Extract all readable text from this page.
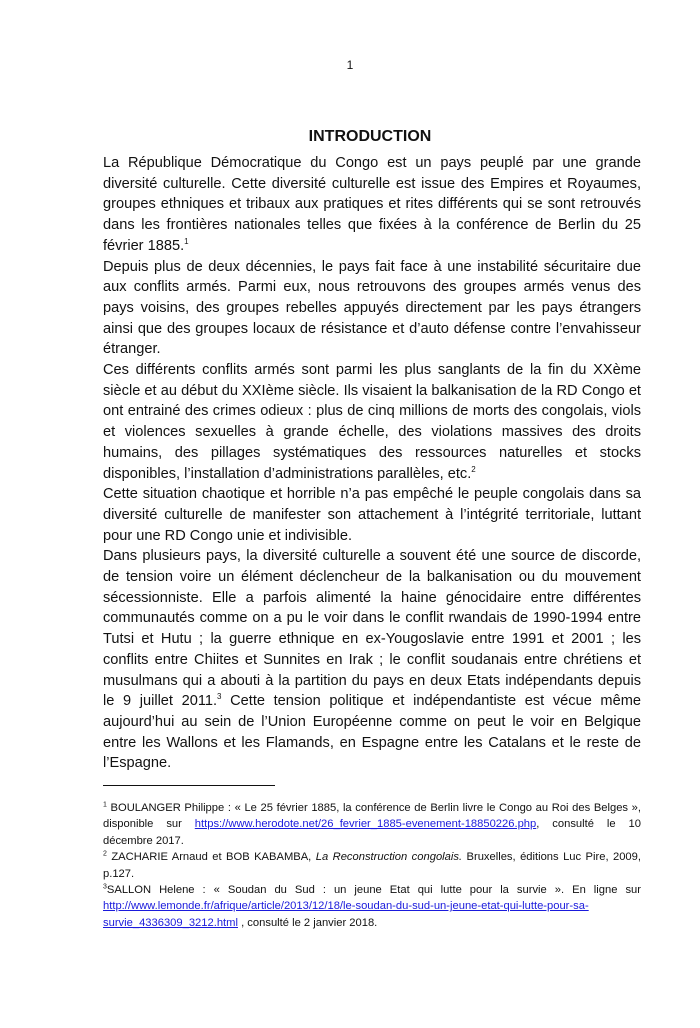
1
INTRODUCTION

La République Démocratique du Congo est un pays peuplé par une grande diversité culturelle. Cette diversité culturelle est issue des Empires et Royaumes, groupes ethniques et tribaux aux pratiques et rites différents qui se sont retrouvés dans les frontières nationales telles que fixées à la conférence de Berlin du 25 février 1885.$^1$

Depuis plus de deux décennies, le pays fait face à une instabilité sécuritaire due aux conflits armés. Parmi eux, nous retrouvons des groupes armés venus des pays voisins, des groupes rebelles appuyés directement par les pays étrangers ainsi que des groupes locaux de résistance et d’auto défense contre l’envahisseur étranger.

Ces différents conflits armés sont parmi les plus sanglants de la fin du XXème siècle et au début du XXIème siècle. Ils visaient la balkanisation de la RD Congo et ont entrainé des crimes odieux : plus de cinq millions de morts des congolais, viols et violences sexuelles à grande échelle, des violations massives des droits humains, des pillages systématiques des ressources naturelles et stocks disponibles, l’installation d’administrations parallèles, etc.$^2$

Cette situation chaotique et horrible n’a pas empêché le peuple congolais dans sa diversité culturelle de manifester son attachement à l’intégrité territoriale, luttant pour une RD Congo unie et indivisible.

Dans plusieurs pays, la diversité culturelle a souvent été une source de discorde, de tension voire un élément déclencheur de la balkanisation ou du mouvement sécessionniste. Elle a parfois alimenté la haine génocidaire entre différentes communautés comme on a pu le voir dans le conflit rwandais de 1990-1994 entre Tutsi et Hutu ; la guerre ethnique en ex-Yougoslavie entre 1991 et 2001 ; les conflits entre Chiites et Sunnites en Irak ; le conflit soudanais entre chrétiens et musulmans qui a abouti à la partition du pays en deux Etats indépendants depuis le 9 juillet 2011.$^3$ Cette tension politique et indépendantiste est vécue même aujourd’hui au sein de l’Union Européenne comme on peut le voir en Belgique entre les Wallons et les Flamands, en Espagne entre les Catalans et le reste de l’Espagne.

$^1$ BOULANGER Philippe : « Le 25 février 1885, la conférence de Berlin livre le Congo au Roi des Belges », disponible sur https://www.herodote.net/26_fevrier_1885-evenement-18850226.php, consulté le 10 décembre 2017.

$^2$ ZACHARIE Arnaud et BOB KABAMBA, La Reconstruction congolais. Bruxelles, éditions Luc Pire, 2009, p.127.

$^3$SALLON Helene : « Soudan du Sud : un jeune Etat qui lutte pour la survie ». En ligne sur http://www.lemonde.fr/afrique/article/2013/12/18/le-soudan-du-sud-un-jeune-etat-qui-lutte-pour-sa-survie_4336309_3212.html , consulté le 2 janvier 2018.
